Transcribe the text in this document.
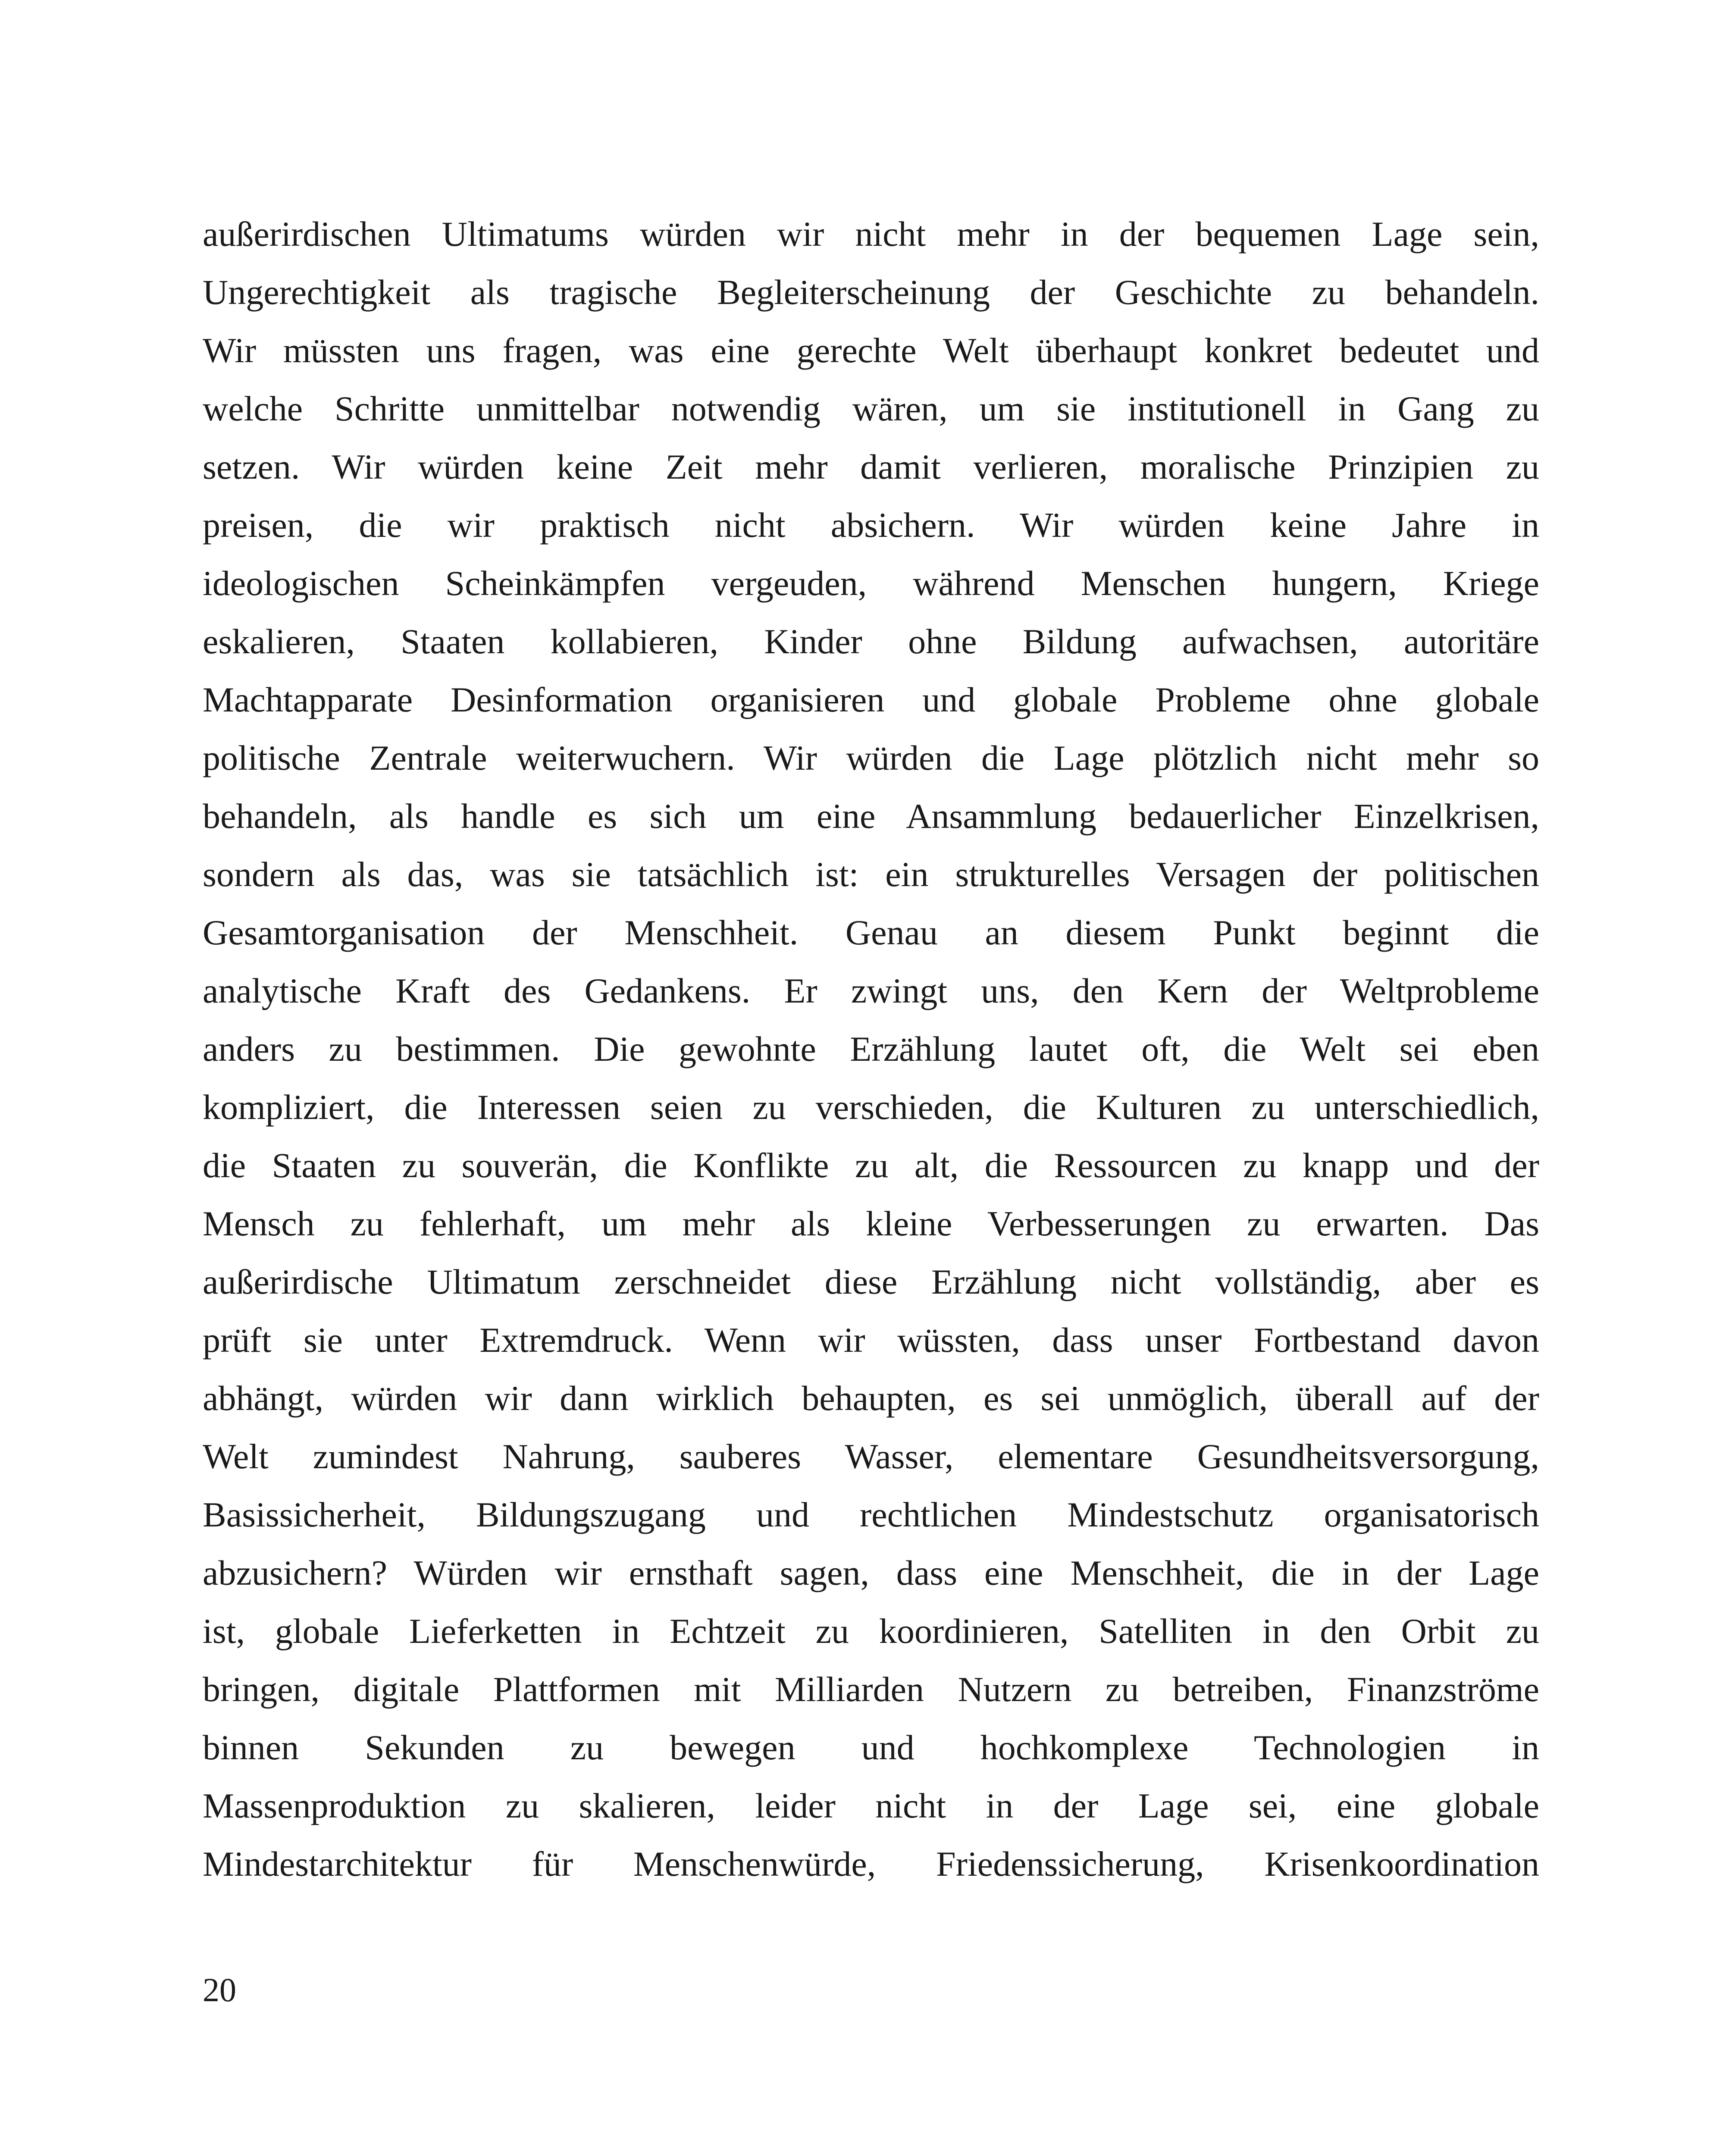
außerirdischen Ultimatums würden wir nicht mehr in der bequemen Lage sein,
Ungerechtigkeit als tragische Begleiterscheinung der Geschichte zu behandeln.
Wir müssten uns fragen, was eine gerechte Welt überhaupt konkret bedeutet und
welche Schritte unmittelbar notwendig wären, um sie institutionell in Gang zu
setzen. Wir würden keine Zeit mehr damit verlieren, moralische Prinzipien zu
preisen, die wir praktisch nicht absichern. Wir würden keine Jahre in
ideologischen Scheinkämpfen vergeuden, während Menschen hungern, Kriege
eskalieren, Staaten kollabieren, Kinder ohne Bildung aufwachsen, autoritäre
Machtapparate Desinformation organisieren und globale Probleme ohne globale
politische Zentrale weiterwuchern. Wir würden die Lage plötzlich nicht mehr so
behandeln, als handle es sich um eine Ansammlung bedauerlicher Einzelkrisen,
sondern als das, was sie tatsächlich ist: ein strukturelles Versagen der politischen
Gesamtorganisation der Menschheit. Genau an diesem Punkt beginnt die
analytische Kraft des Gedankens. Er zwingt uns, den Kern der Weltprobleme
anders zu bestimmen. Die gewohnte Erzählung lautet oft, die Welt sei eben
kompliziert, die Interessen seien zu verschieden, die Kulturen zu unterschiedlich,
die Staaten zu souverän, die Konflikte zu alt, die Ressourcen zu knapp und der
Mensch zu fehlerhaft, um mehr als kleine Verbesserungen zu erwarten. Das
außerirdische Ultimatum zerschneidet diese Erzählung nicht vollständig, aber es
prüft sie unter Extremdruck. Wenn wir wüssten, dass unser Fortbestand davon
abhängt, würden wir dann wirklich behaupten, es sei unmöglich, überall auf der
Welt zumindest Nahrung, sauberes Wasser, elementare Gesundheitsversorgung,
Basissicherheit, Bildungszugang und rechtlichen Mindestschutz organisatorisch
abzusichern? Würden wir ernsthaft sagen, dass eine Menschheit, die in der Lage
ist, globale Lieferketten in Echtzeit zu koordinieren, Satelliten in den Orbit zu
bringen, digitale Plattformen mit Milliarden Nutzern zu betreiben, Finanzströme
binnen Sekunden zu bewegen und hochkomplexe Technologien in
Massenproduktion zu skalieren, leider nicht in der Lage sei, eine globale
Mindestarchitektur für Menschenwürde, Friedenssicherung, Krisenkoordination

20
